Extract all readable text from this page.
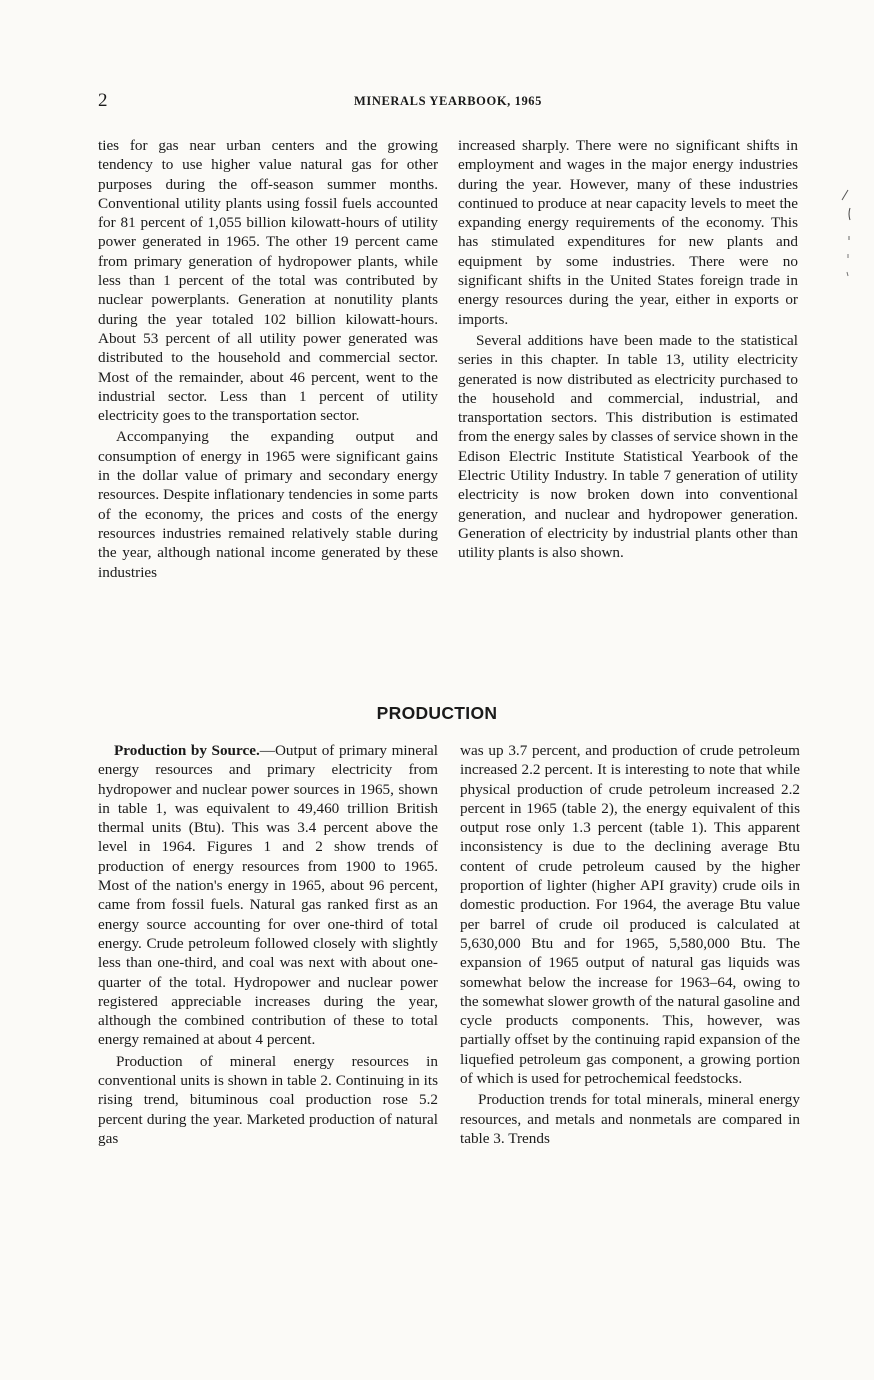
2	MINERALS YEARBOOK, 1965

ties for gas near urban centers and the growing tendency to use higher value natural gas for other purposes during the off-season summer months. Conventional utility plants using fossil fuels accounted for 81 percent of 1,055 billion kilowatt-hours of utility power generated in 1965. The other 19 percent came from primary generation of hydropower plants, while less than 1 percent of the total was contributed by nuclear powerplants. Generation at nonutility plants during the year totaled 102 billion kilowatt-hours. About 53 percent of all utility power generated was distributed to the household and commercial sector. Most of the remainder, about 46 percent, went to the industrial sector. Less than 1 percent of utility electricity goes to the transportation sector.

Accompanying the expanding output and consumption of energy in 1965 were significant gains in the dollar value of primary and secondary energy resources. Despite inflationary tendencies in some parts of the economy, the prices and costs of the energy resources industries remained relatively stable during the year, although national income generated by these industries

increased sharply. There were no significant shifts in employment and wages in the major energy industries during the year. However, many of these industries continued to produce at near capacity levels to meet the expanding energy requirements of the economy. This has stimulated expenditures for new plants and equipment by some industries. There were no significant shifts in the United States foreign trade in energy resources during the year, either in exports or imports.

Several additions have been made to the statistical series in this chapter. In table 13, utility electricity generated is now distributed as electricity purchased to the household and commercial, industrial, and transportation sectors. This distribution is estimated from the energy sales by classes of service shown in the Edison Electric Institute Statistical Yearbook of the Electric Utility Industry. In table 7 generation of utility electricity is now broken down into conventional generation, and nuclear and hydropower generation. Generation of electricity by industrial plants other than utility plants is also shown.

PRODUCTION

Production by Source.—Output of primary mineral energy resources and primary electricity from hydropower and nuclear power sources in 1965, shown in table 1, was equivalent to 49,460 trillion British thermal units (Btu). This was 3.4 percent above the level in 1964. Figures 1 and 2 show trends of production of energy resources from 1900 to 1965. Most of the nation's energy in 1965, about 96 percent, came from fossil fuels. Natural gas ranked first as an energy source accounting for over one-third of total energy. Crude petroleum followed closely with slightly less than one-third, and coal was next with about one-quarter of the total. Hydropower and nuclear power registered appreciable increases during the year, although the combined contribution of these to total energy remained at about 4 percent.

Production of mineral energy resources in conventional units is shown in table 2. Continuing in its rising trend, bituminous coal production rose 5.2 percent during the year. Marketed production of natural gas

was up 3.7 percent, and production of crude petroleum increased 2.2 percent. It is interesting to note that while physical production of crude petroleum increased 2.2 percent in 1965 (table 2), the energy equivalent of this output rose only 1.3 percent (table 1). This apparent inconsistency is due to the declining average Btu content of crude petroleum caused by the higher proportion of lighter (higher API gravity) crude oils in domestic production. For 1964, the average Btu value per barrel of crude oil produced is calculated at 5,630,000 Btu and for 1965, 5,580,000 Btu. The expansion of 1965 output of natural gas liquids was somewhat below the increase for 1963–64, owing to the somewhat slower growth of the natural gasoline and cycle products components. This, however, was partially offset by the continuing rapid expansion of the liquefied petroleum gas component, a growing portion of which is used for petrochemical feedstocks.

Production trends for total minerals, mineral energy resources, and metals and nonmetals are compared in table 3. Trends
